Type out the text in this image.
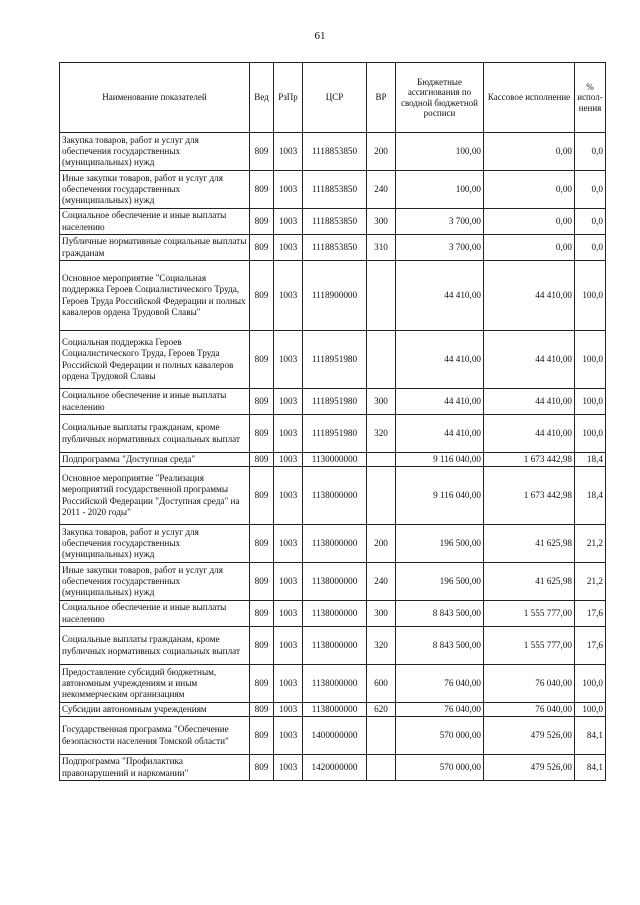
61
Наименование показателей	Вед	РзПр	ЦСР	ВР	Бюджетные ассигнования по сводной бюджетной росписи	Кассовое исполнение	% испол-нения
Закупка товаров, работ и услуг для обеспечения государственных (муниципальных) нужд	809	1003	1118853850	200	100,00	0,00	0,0
Иные закупки товаров, работ и услуг для обеспечения государственных (муниципальных) нужд	809	1003	1118853850	240	100,00	0,00	0,0
Социальное обеспечение и иные выплаты населению	809	1003	1118853850	300	3 700,00	0,00	0,0
Публичные нормативные социальные выплаты гражданам	809	1003	1118853850	310	3 700,00	0,00	0,0
Основное мероприятие "Социальная поддержка Героев Социалистического Труда, Героев Труда Российской Федерации и полных кавалеров ордена Трудовой Славы"	809	1003	1118900000		44 410,00	44 410,00	100,0
Социальная поддержка Героев Социалистического Труда, Героев Труда Российской Федерации и полных кавалеров ордена Трудовой Славы	809	1003	1118951980		44 410,00	44 410,00	100,0
Социальное обеспечение и иные выплаты населению	809	1003	1118951980	300	44 410,00	44 410,00	100,0
Социальные выплаты гражданам, кроме публичных нормативных социальных выплат	809	1003	1118951980	320	44 410,00	44 410,00	100,0
Подпрограмма "Доступная среда"	809	1003	1130000000		9 116 040,00	1 673 442,98	18,4
Основное мероприятие "Реализация мероприятий государственной программы Российской Федерации "Доступная среда" на 2011 - 2020 годы"	809	1003	1138000000		9 116 040,00	1 673 442,98	18,4
Закупка товаров, работ и услуг для обеспечения государственных (муниципальных) нужд	809	1003	1138000000	200	196 500,00	41 625,98	21,2
Иные закупки товаров, работ и услуг для обеспечения государственных (муниципальных) нужд	809	1003	1138000000	240	196 500,00	41 625,98	21,2
Социальное обеспечение и иные выплаты населению	809	1003	1138000000	300	8 843 500,00	1 555 777,00	17,6
Социальные выплаты гражданам, кроме публичных нормативных социальных выплат	809	1003	1138000000	320	8 843 500,00	1 555 777,00	17,6
Предоставление субсидий бюджетным, автономным учреждениям и иным некоммерческим организациям	809	1003	1138000000	600	76 040,00	76 040,00	100,0
Субсидии автономным учреждениям	809	1003	1138000000	620	76 040,00	76 040,00	100,0
Государственная программа "Обеспечение безопасности населения Томской области"	809	1003	1400000000		570 000,00	479 526,00	84,1
Подпрограмма "Профилактика правонарушений и наркомании"	809	1003	1420000000		570 000,00	479 526,00	84,1
